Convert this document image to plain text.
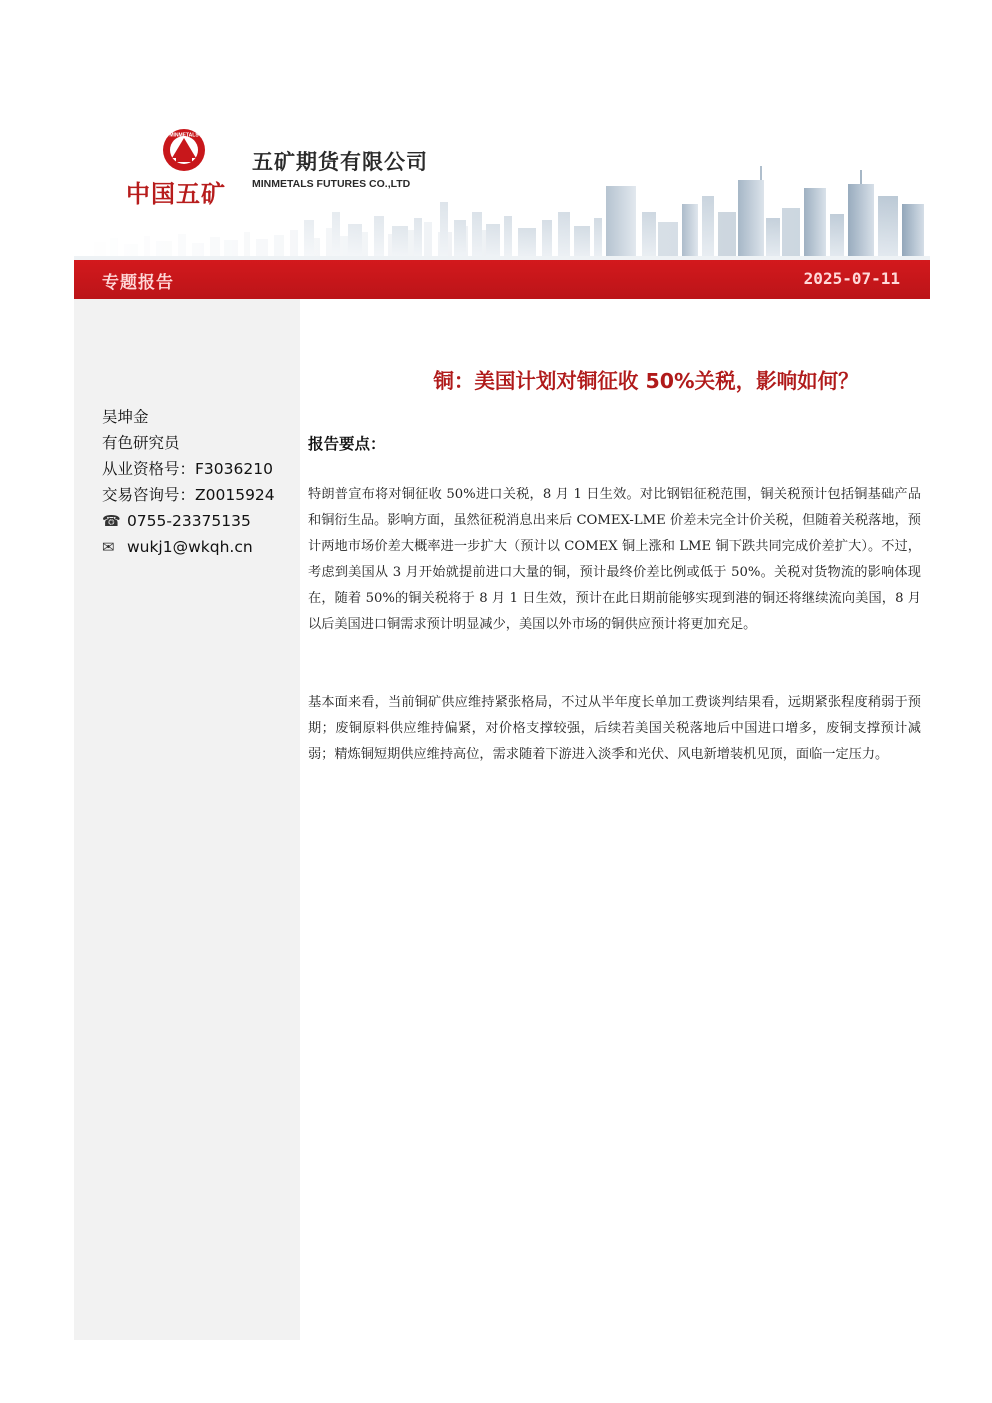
MINMETALS
中国五矿
五矿期货有限公司
MINMETALS FUTURES CO.,LTD
专题报告	2025-07-11
吴坤金
有色研究员
从业资格号：F3036210
交易咨询号：Z0015924
☎ 0755-23375135
✉ wukj1@wkqh.cn
铜：美国计划对铜征收 50%关税，影响如何？
报告要点：

特朗普宣布将对铜征收 50%进口关税，8 月 1 日生效。对比钢铝征税范围，铜关税预计包括铜基础产品和铜衍生品。影响方面，虽然征税消息出来后 COMEX-LME 价差未完全计价关税，但随着关税落地，预计两地市场价差大概率进一步扩大（预计以 COMEX 铜上涨和 LME 铜下跌共同完成价差扩大）。不过，考虑到美国从 3 月开始就提前进口大量的铜，预计最终价差比例或低于 50%。关税对货物流的影响体现在，随着 50%的铜关税将于 8 月 1 日生效，预计在此日期前能够实现到港的铜还将继续流向美国，8 月以后美国进口铜需求预计明显减少，美国以外市场的铜供应预计将更加充足。

基本面来看，当前铜矿供应维持紧张格局，不过从半年度长单加工费谈判结果看，远期紧张程度稍弱于预期；废铜原料供应维持偏紧，对价格支撑较强，后续若美国关税落地后中国进口增多，废铜支撑预计减弱；精炼铜短期供应维持高位，需求随着下游进入淡季和光伏、风电新增装机见顶，面临一定压力。
